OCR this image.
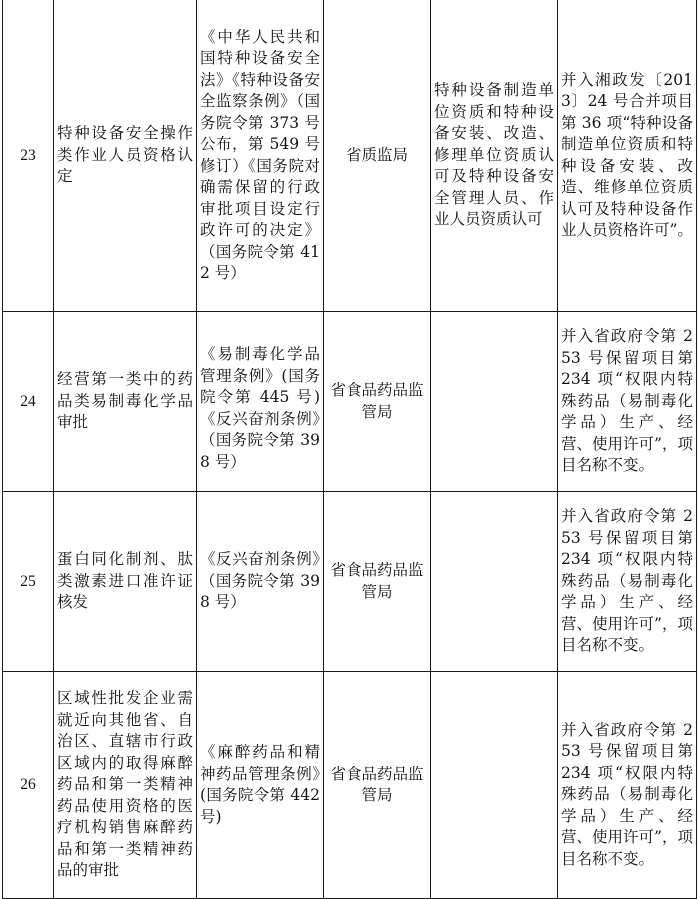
23	特种设备安全操作类作业人员资格认定	《中华人民共和国特种设备安全法》《特种设备安全监察条例》（国务院令第 373 号公布，第 549 号修订）《国务院对确需保留的行政审批项目设定行政许可的决定》（国务院令第 412 号）	省质监局	特种设备制造单位资质和特种设备安装、改造、修理单位资质认可及特种设备安全管理人员、作业人员资质认可	并入湘政发〔2013〕24 号合并项目第 36 项“特种设备制造单位资质和特种设备安装、改造、维修单位资质认可及特种设备作业人员资格许可”。
24	经营第一类中的药品类易制毒化学品审批	《易制毒化学品管理条例》(国务院令第 445 号)《反兴奋剂条例》（国务院令第 398 号）	省食品药品监管局		并入省政府令第 253 号保留项目第 234 项“权限内特殊药品（易制毒化学品）生产、经营、使用许可”，项目名称不变。
25	蛋白同化制剂、肽类激素进口准许证核发	《反兴奋剂条例》（国务院令第 398 号）	省食品药品监管局		并入省政府令第 253 号保留项目第 234 项“权限内特殊药品（易制毒化学品）生产、经营、使用许可”，项目名称不变。
26	区域性批发企业需就近向其他省、自治区、直辖市行政区域内的取得麻醉药品和第一类精神药品使用资格的医疗机构销售麻醉药品和第一类精神药品的审批	《麻醉药品和精神药品管理条例》(国务院令第 442 号)	省食品药品监管局		并入省政府令第 253 号保留项目第 234 项“权限内特殊药品（易制毒化学品）生产、经营、使用许可”，项目名称不变。
